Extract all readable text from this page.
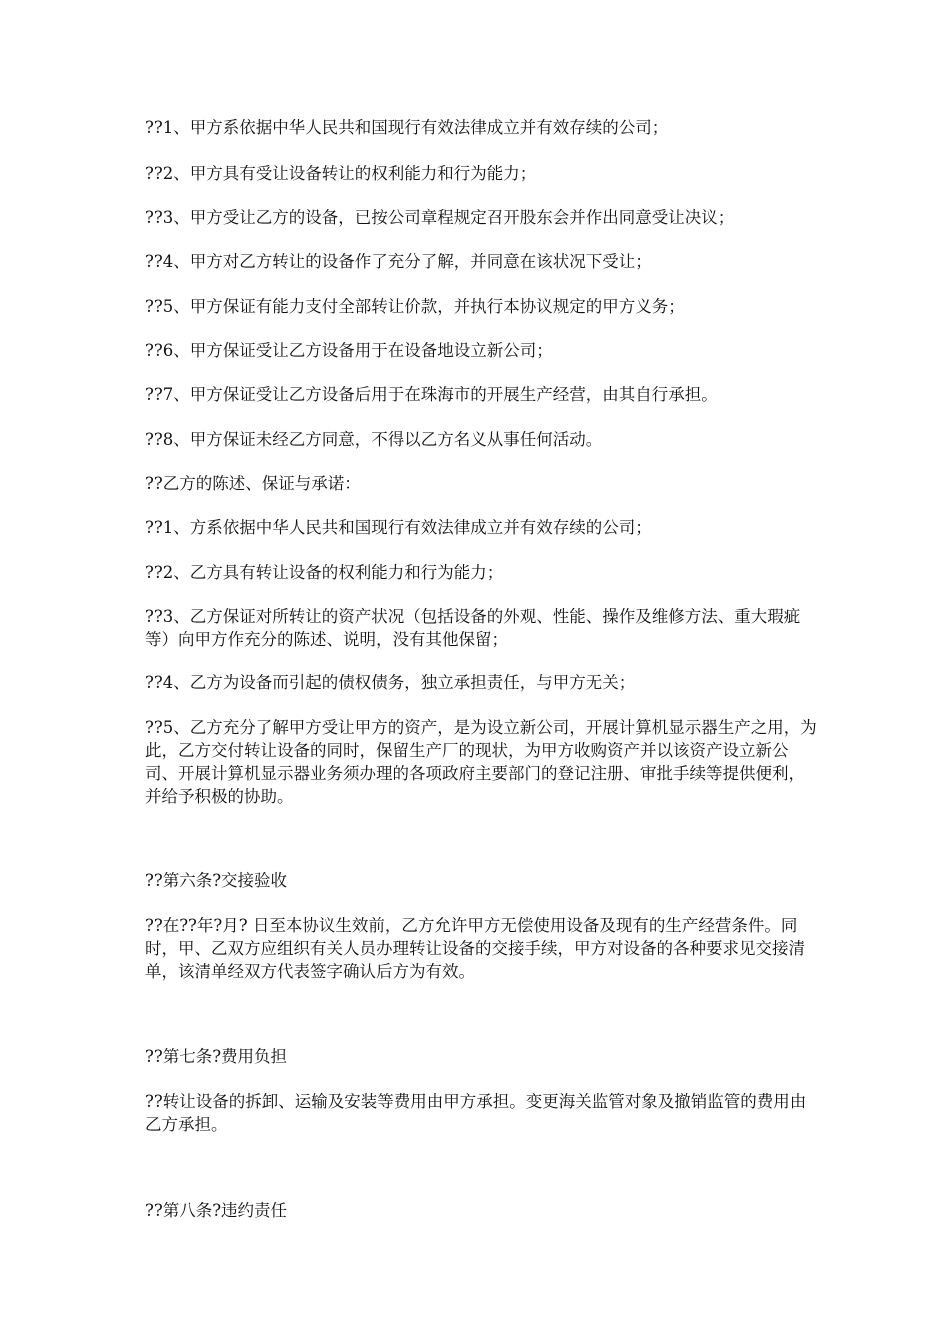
??1、甲方系依据中华人民共和国现行有效法律成立并有效存续的公司；

??2、甲方具有受让设备转让的权利能力和行为能力；

??3、甲方受让乙方的设备，已按公司章程规定召开股东会并作出同意受让决议；

??4、甲方对乙方转让的设备作了充分了解，并同意在该状况下受让；

??5、甲方保证有能力支付全部转让价款，并执行本协议规定的甲方义务；

??6、甲方保证受让乙方设备用于在设备地设立新公司；

??7、甲方保证受让乙方设备后用于在珠海市的开展生产经营，由其自行承担。

??8、甲方保证未经乙方同意，不得以乙方名义从事任何活动。

??乙方的陈述、保证与承诺：

??1、方系依据中华人民共和国现行有效法律成立并有效存续的公司；

??2、乙方具有转让设备的权利能力和行为能力；

??3、乙方保证对所转让的资产状况（包括设备的外观、性能、操作及维修方法、重大瑕疵等）向甲方作充分的陈述、说明，没有其他保留；

??4、乙方为设备而引起的债权债务，独立承担责任，与甲方无关；

??5、乙方充分了解甲方受让甲方的资产，是为设立新公司，开展计算机显示器生产之用，为此，乙方交付转让设备的同时，保留生产厂的现状，为甲方收购资产并以该资产设立新公司、开展计算机显示器业务须办理的各项政府主要部门的登记注册、审批手续等提供便利，并给予积极的协助。

??第六条?交接验收

??在??年?月? 日至本协议生效前，乙方允许甲方无偿使用设备及现有的生产经营条件。同时，甲、乙双方应组织有关人员办理转让设备的交接手续，甲方对设备的各种要求见交接清单，该清单经双方代表签字确认后方为有效。

??第七条?费用负担

??转让设备的拆卸、运输及安装等费用由甲方承担。变更海关监管对象及撤销监管的费用由乙方承担。

??第八条?违约责任
